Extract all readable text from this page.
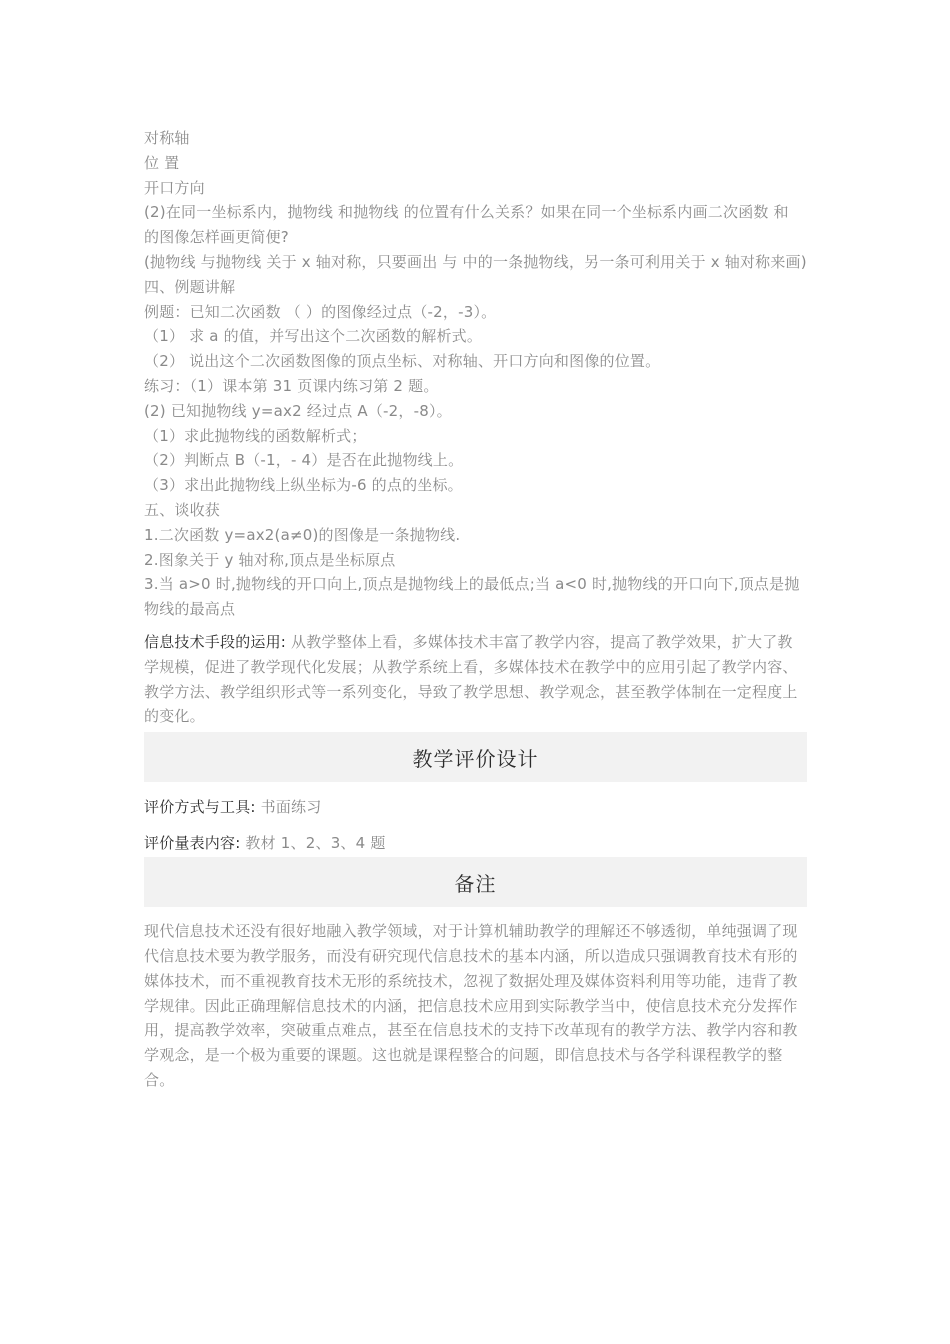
对称轴
位 置
开口方向
(2)在同一坐标系内，抛物线 和抛物线 的位置有什么关系？如果在同一个坐标系内画二次函数 和 的图像怎样画更简便?
(抛物线 与抛物线 关于 x 轴对称，只要画出 与 中的一条抛物线，另一条可利用关于 x 轴对称来画)
四、例题讲解
例题：已知二次函数 （ ）的图像经过点（-2，-3）。
（1） 求 a 的值，并写出这个二次函数的解析式。
（2） 说出这个二次函数图像的顶点坐标、对称轴、开口方向和图像的位置。
练习：（1）课本第 31 页课内练习第 2 题。
(2) 已知抛物线 y=ax2 经过点 A（-2，-8）。
（1）求此抛物线的函数解析式；
（2）判断点 B（-1，- 4）是否在此抛物线上。
（3）求出此抛物线上纵坐标为-6 的点的坐标。
五、谈收获
1.二次函数 y=ax2(a≠0)的图像是一条抛物线.
2.图象关于 y 轴对称,顶点是坐标原点
3.当 a>0 时,抛物线的开口向上,顶点是抛物线上的最低点;当 a<0 时,抛物线的开口向下,顶点是抛物线的最高点
信息技术手段的运用: 从教学整体上看，多媒体技术丰富了教学内容，提高了教学效果，扩大了教学规模，促进了教学现代化发展；从教学系统上看，多媒体技术在教学中的应用引起了教学内容、教学方法、教学组织形式等一系列变化，导致了教学思想、教学观念，甚至教学体制在一定程度上的变化。
教学评价设计
评价方式与工具: 书面练习
评价量表内容: 教材 1、2、3、4 题
备注
现代信息技术还没有很好地融入教学领域，对于计算机辅助教学的理解还不够透彻，单纯强调了现代信息技术要为教学服务，而没有研究现代信息技术的基本内涵，所以造成只强调教育技术有形的媒体技术，而不重视教育技术无形的系统技术，忽视了数据处理及媒体资料利用等功能，违背了教学规律。因此正确理解信息技术的内涵，把信息技术应用到实际教学当中，使信息技术充分发挥作用，提高教学效率，突破重点难点，甚至在信息技术的支持下改革现有的教学方法、教学内容和教学观念，是一个极为重要的课题。这也就是课程整合的问题，即信息技术与各学科课程教学的整合。
